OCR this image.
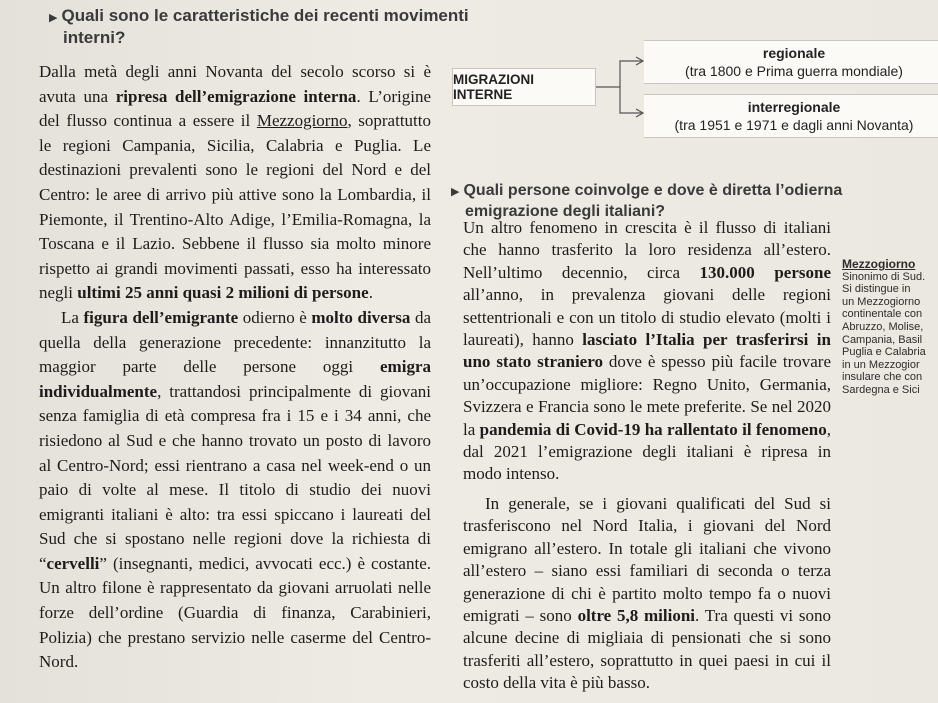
▶ Quali sono le caratteristiche dei recenti movimenti
interni?
MIGRAZIONI INTERNE
regionale
(tra 1800 e Prima guerra mondiale)
interregionale
(tra 1951 e 1971 e dagli anni Novanta)

Dalla metà degli anni Novanta del secolo scorso si è avuta una ripresa dell’emigrazione interna. L’origine del flusso continua a essere il Mezzogiorno, soprattutto le regioni Campania, Sicilia, Calabria e Puglia. Le destinazioni prevalenti sono le regioni del Nord e del Centro: le aree di arrivo più attive sono la Lombardia, il Piemonte, il Trentino-Alto Adige, l’Emilia-Romagna, la Toscana e il Lazio. Sebbene il flusso sia molto minore rispetto ai grandi movimenti passati, esso ha interessato negli ultimi 25 anni quasi 2 milioni di persone.

La figura dell’emigrante odierno è molto diversa da quella della generazione precedente: innanzitutto la maggior parte delle persone oggi emigra individualmente, trattandosi principalmente di giovani senza famiglia di età compresa fra i 15 e i 34 anni, che risiedono al Sud e che hanno trovato un posto di lavoro al Centro-Nord; essi rientrano a casa nel week-end o un paio di volte al mese. Il titolo di studio dei nuovi emigranti italiani è alto: tra essi spiccano i laureati del Sud che si spostano nelle regioni dove la richiesta di “cervelli” (insegnanti, medici, avvocati ecc.) è costante. Un altro filone è rappresentato da giovani arruolati nelle forze dell’ordine (Guardia di finanza, Carabinieri, Polizia) che prestano servizio nelle caserme del Centro-Nord.

▶ Quali persone coinvolge e dove è diretta l’odierna
emigrazione degli italiani?

Un altro fenomeno in crescita è il flusso di italiani che hanno trasferito la loro residenza all’estero. Nell’ultimo decennio, circa 130.000 persone all’anno, in prevalenza giovani delle regioni settentrionali e con un titolo di studio elevato (molti i laureati), hanno lasciato l’Italia per trasferirsi in uno stato straniero dove è spesso più facile trovare un’occupazione migliore: Regno Unito, Germania, Svizzera e Francia sono le mete preferite. Se nel 2020 la pandemia di Covid-19 ha rallentato il fenomeno, dal 2021 l’emigrazione degli italiani è ripresa in modo intenso.

In generale, se i giovani qualificati del Sud si trasferiscono nel Nord Italia, i giovani del Nord emigrano all’estero. In totale gli italiani che vivono all’estero – siano essi familiari di seconda o terza generazione di chi è partito molto tempo fa o nuovi emigrati – sono oltre 5,8 milioni. Tra questi vi sono alcune decine di migliaia di pensionati che si sono trasferiti all’estero, soprattutto in quei paesi in cui il costo della vita è più basso.

Mezzogiorno
Sinonimo di Sud.
Si distingue in
un Mezzogiorno
continentale con
Abruzzo, Molise,
Campania, Basil
Puglia e Calabria
in un Mezzogior
insulare che con
Sardegna e Sici
